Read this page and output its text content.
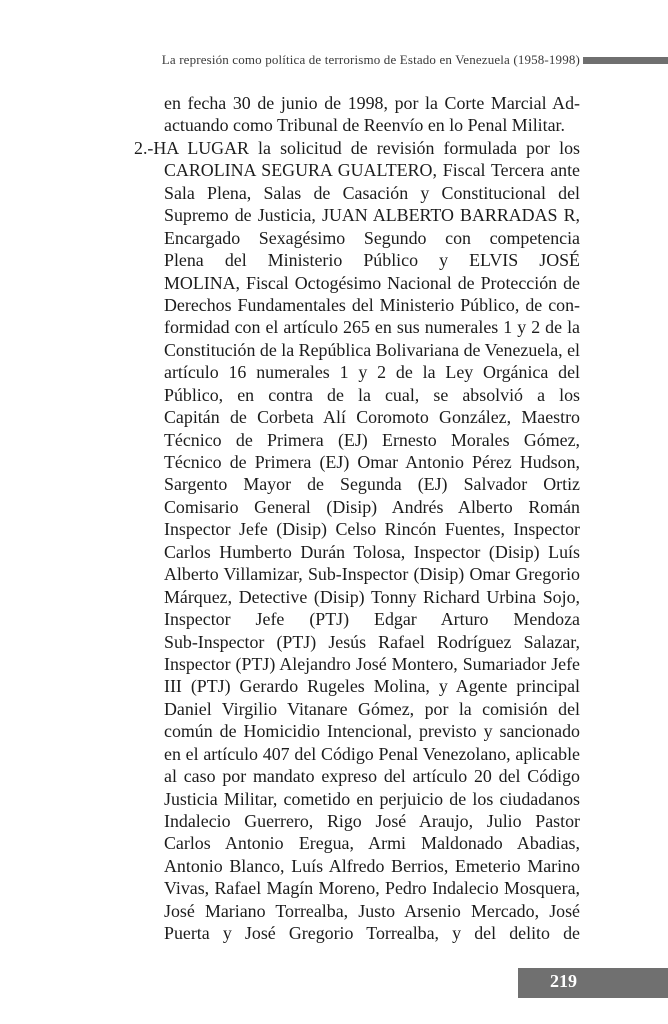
La represión como política de terrorismo de Estado en Venezuela (1958-1998)
en fecha 30 de junio de 1998, por la Corte Marcial Ad-
actuando como Tribunal de Reenvío en lo Penal Militar.
2.-HA LUGAR la solicitud de revisión formulada por los
CAROLINA SEGURA GUALTERO, Fiscal Tercera ante
Sala Plena, Salas de Casación y Constitucional del
Supremo de Justicia, JUAN ALBERTO BARRADAS R,
Encargado Sexagésimo Segundo con competencia
Plena del Ministerio Público y ELVIS JOSÉ
MOLINA, Fiscal Octogésimo Nacional de Protección de
Derechos Fundamentales del Ministerio Público, de con-
formidad con el artículo 265 en sus numerales 1 y 2 de la
Constitución de la República Bolivariana de Venezuela, el
artículo 16 numerales 1 y 2 de la Ley Orgánica del
Público, en contra de la cual, se absolvió a los
Capitán de Corbeta Alí Coromoto González, Maestro
Técnico de Primera (EJ) Ernesto Morales Gómez,
Técnico de Primera (EJ) Omar Antonio Pérez Hudson,
Sargento Mayor de Segunda (EJ) Salvador Ortiz
Comisario General (Disip) Andrés Alberto Román
Inspector Jefe (Disip) Celso Rincón Fuentes, Inspector
Carlos Humberto Durán Tolosa, Inspector (Disip) Luís
Alberto Villamizar, Sub-Inspector (Disip) Omar Gregorio
Márquez, Detective (Disip) Tonny Richard Urbina Sojo,
Inspector Jefe (PTJ) Edgar Arturo Mendoza
Sub-Inspector (PTJ) Jesús Rafael Rodríguez Salazar,
Inspector (PTJ) Alejandro José Montero, Sumariador Jefe
III (PTJ) Gerardo Rugeles Molina, y Agente principal
Daniel Virgilio Vitanare Gómez, por la comisión del
común de Homicidio Intencional, previsto y sancionado
en el artículo 407 del Código Penal Venezolano, aplicable
al caso por mandato expreso del artículo 20 del Código
Justicia Militar, cometido en perjuicio de los ciudadanos
Indalecio Guerrero, Rigo José Araujo, Julio Pastor
Carlos Antonio Eregua, Armi Maldonado Abadias,
Antonio Blanco, Luís Alfredo Berrios, Emeterio Marino
Vivas, Rafael Magín Moreno, Pedro Indalecio Mosquera,
José Mariano Torrealba, Justo Arsenio Mercado, José
Puerta y José Gregorio Torrealba, y del delito de
219
